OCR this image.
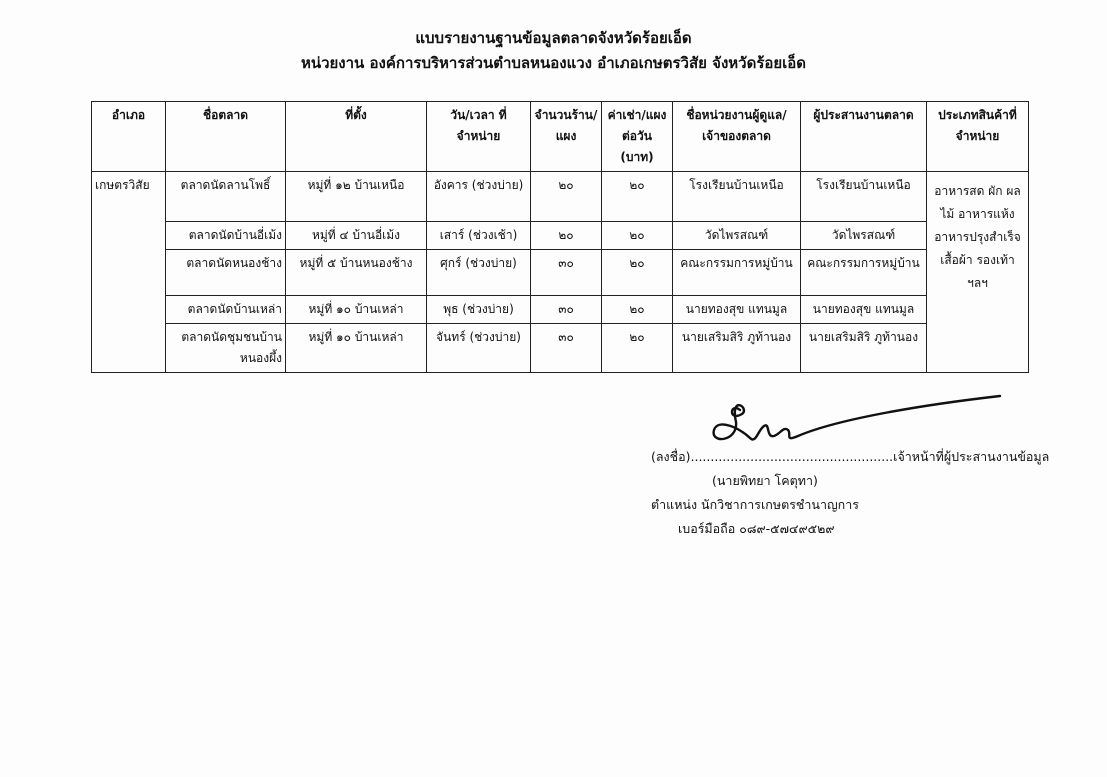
แบบรายงานฐานข้อมูลตลาดจังหวัดร้อยเอ็ด
หน่วยงาน องค์การบริหารส่วนตำบลหนองแวง อำเภอเกษตรวิสัย จังหวัดร้อยเอ็ด
อำเภอ	ชื่อตลาด	ที่ตั้ง	วัน/เวลา ที่จำหน่าย	จำนวนร้าน/แผง	ค่าเช่า/แผงต่อวัน (บาท)	ชื่อหน่วยงานผู้ดูแล/ เจ้าของตลาด	ผู้ประสานงานตลาด	ประเภทสินค้าที่จำหน่าย
เกษตรวิสัย	ตลาดนัดลานโพธิ์	หมู่ที่ ๑๒ บ้านเหนือ	อังคาร (ช่วงบ่าย)	๒๐	๒๐	โรงเรียนบ้านเหนือ	โรงเรียนบ้านเหนือ	อาหารสด ผัก ผลไม้ อาหารแห้ง อาหารปรุงสำเร็จ เสื้อผ้า รองเท้า ฯลฯ
	ตลาดนัดบ้านอี่เม้ง	หมู่ที่ ๔ บ้านอี่เม้ง	เสาร์ (ช่วงเช้า)	๒๐	๒๐	วัดไพรสณฑ์	วัดไพรสณฑ์	
	ตลาดนัดหนองช้าง	หมู่ที่ ๕ บ้านหนองช้าง	ศุกร์ (ช่วงบ่าย)	๓๐	๒๐	คณะกรรมการหมู่บ้าน	คณะกรรมการหมู่บ้าน	
	ตลาดนัดบ้านเหล่า	หมู่ที่ ๑๐ บ้านเหล่า	พุธ (ช่วงบ่าย)	๓๐	๒๐	นายทองสุข แทนมูล	นายทองสุข แทนมูล	
	ตลาดนัดชุมชนบ้านหนองผึ้ง	หมู่ที่ ๑๐ บ้านเหล่า	จันทร์ (ช่วงบ่าย)	๓๐	๒๐	นายเสริมสิริ ภูท้านอง	นายเสริมสิริ ภูท้านอง	
(ลงชื่อ)...................................................เจ้าหน้าที่ผู้ประสานงานข้อมูล
(นายพิทยา โคตุทา)
ตำแหน่ง นักวิชาการเกษตรชำนาญการ
เบอร์มือถือ ๐๘๙-๕๗๔๙๕๒๙
